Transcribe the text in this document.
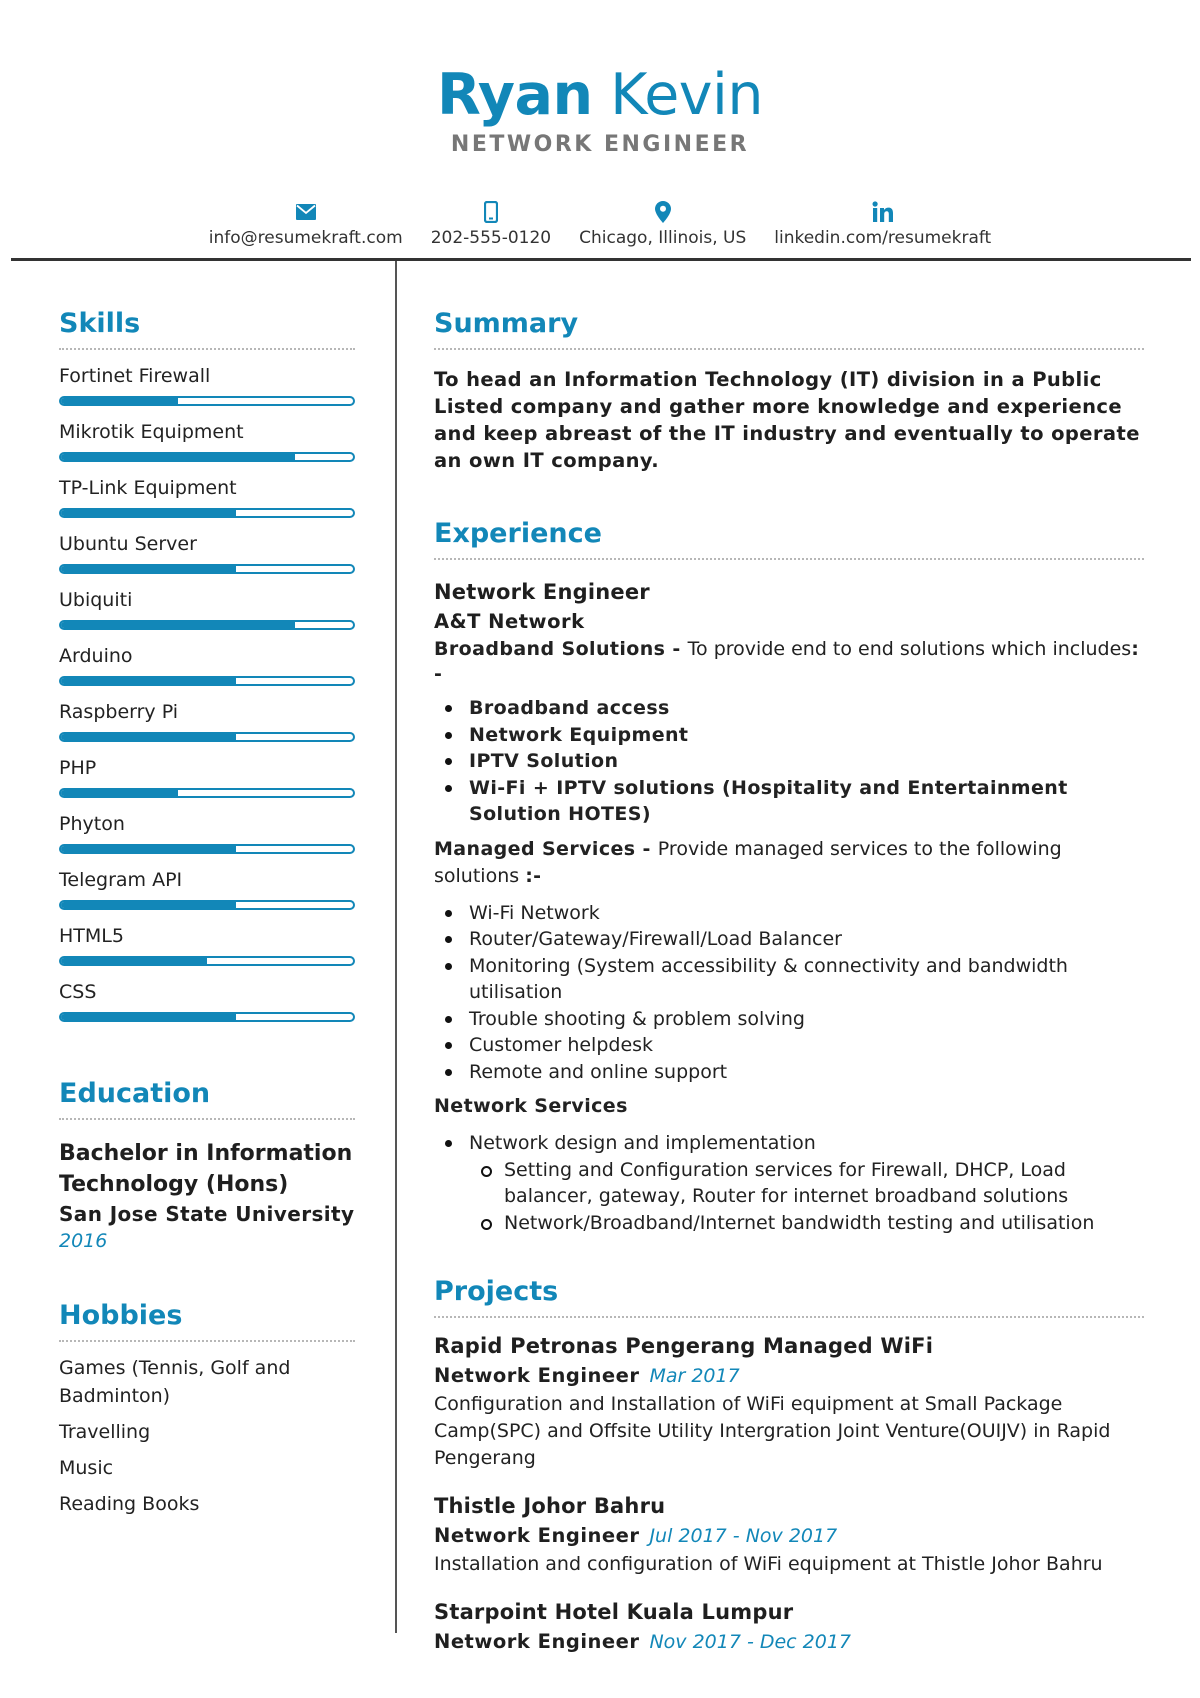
Ryan Kevin
NETWORK ENGINEER
info@resumekraft.com 202-555-0120 Chicago, Illinois, US linkedin.com/resumekraft
Skills
Fortinet Firewall
Mikrotik Equipment
TP-Link Equipment
Ubuntu Server
Ubiquiti
Arduino
Raspberry Pi
PHP
Phyton
Telegram API
HTML5
CSS
Education
Bachelor in Information Technology (Hons)
San Jose State University
2016
Hobbies
Games (Tennis, Golf and Badminton)
Travelling
Music
Reading Books
Summary
To head an Information Technology (IT) division in a Public Listed company and gather more knowledge and experience and keep abreast of the IT industry and eventually to operate an own IT company.
Experience
Network Engineer
A&T Network
Broadband Solutions - To provide end to end solutions which includes:
-
Broadband access
Network Equipment
IPTV Solution
Wi-Fi + IPTV solutions (Hospitality and Entertainment Solution HOTES)
Managed Services - Provide managed services to the following solutions :-
Wi-Fi Network
Router/Gateway/Firewall/Load Balancer
Monitoring (System accessibility & connectivity and bandwidth utilisation
Trouble shooting & problem solving
Customer helpdesk
Remote and online support
Network Services
Network design and implementation
Setting and Configuration services for Firewall, DHCP, Load balancer, gateway, Router for internet broadband solutions
Network/Broadband/Internet bandwidth testing and utilisation
Projects
Rapid Petronas Pengerang Managed WiFi
Network Engineer Mar 2017
Configuration and Installation of WiFi equipment at Small Package Camp(SPC) and Offsite Utility Intergration Joint Venture(OUIJV) in Rapid Pengerang
Thistle Johor Bahru
Network Engineer Jul 2017 - Nov 2017
Installation and configuration of WiFi equipment at Thistle Johor Bahru
Starpoint Hotel Kuala Lumpur
Network Engineer Nov 2017 - Dec 2017
